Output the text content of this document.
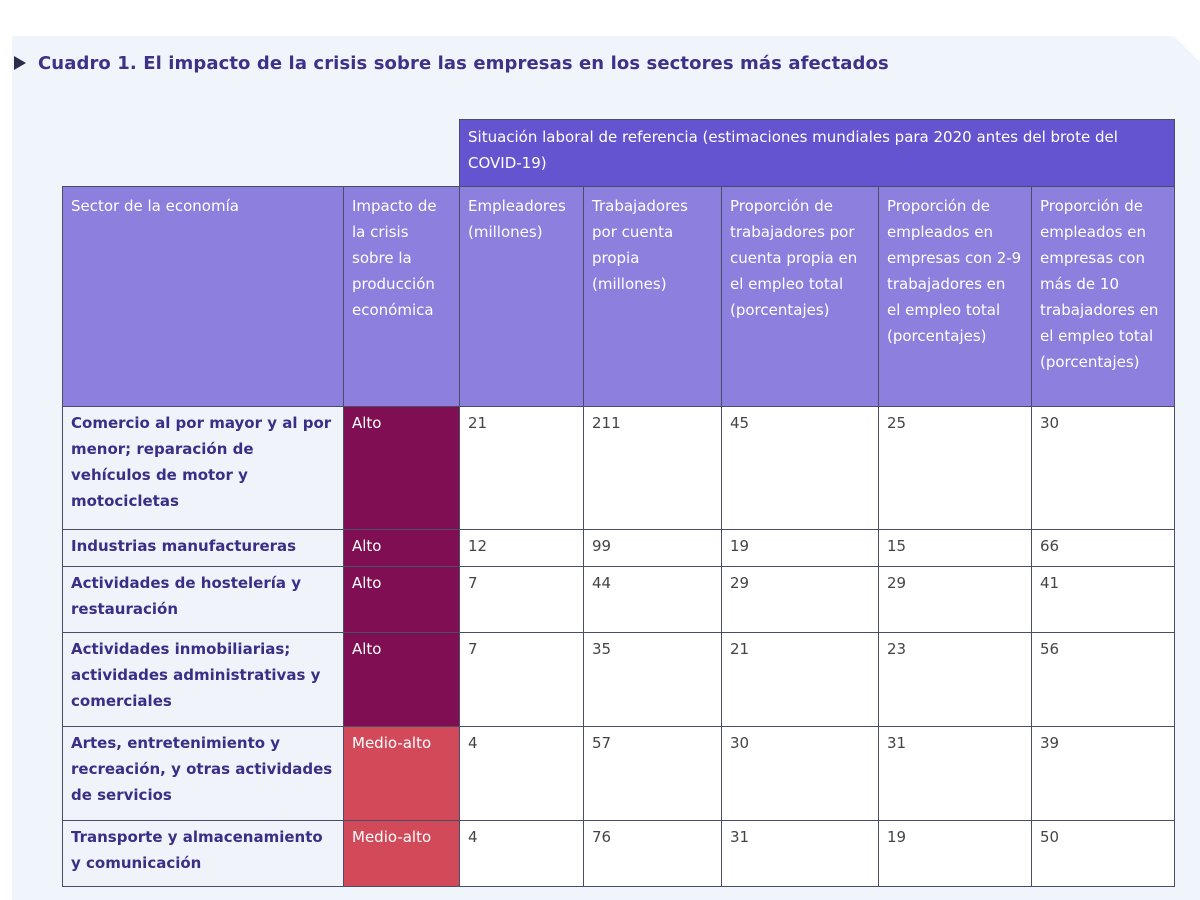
Cuadro 1. El impacto de la crisis sobre las empresas en los sectores más afectados
		Situación laboral de referencia (estimaciones mundiales para 2020 antes del brote del COVID-19)				
Sector de la economía	Impacto de la crisis sobre la producción económica	Empleadores (millones)	Trabajadores por cuenta propia (millones)	Proporción de trabajadores por cuenta propia en el empleo total (porcentajes)	Proporción de empleados en empresas con 2-9 trabajadores en el empleo total (porcentajes)	Proporción de empleados en empresas con más de 10 trabajadores en el empleo total (porcentajes)
Comercio al por mayor y al por menor; reparación de vehículos de motor y motocicletas	Alto	21	211	45	25	30
Industrias manufactureras	Alto	12	99	19	15	66
Actividades de hostelería y restauración	Alto	7	44	29	29	41
Actividades inmobiliarias; actividades administrativas y comerciales	Alto	7	35	21	23	56
Artes, entretenimiento y recreación, y otras actividades de servicios	Medio-alto	4	57	30	31	39
Transporte y almacenamiento y comunicación	Medio-alto	4	76	31	19	50
